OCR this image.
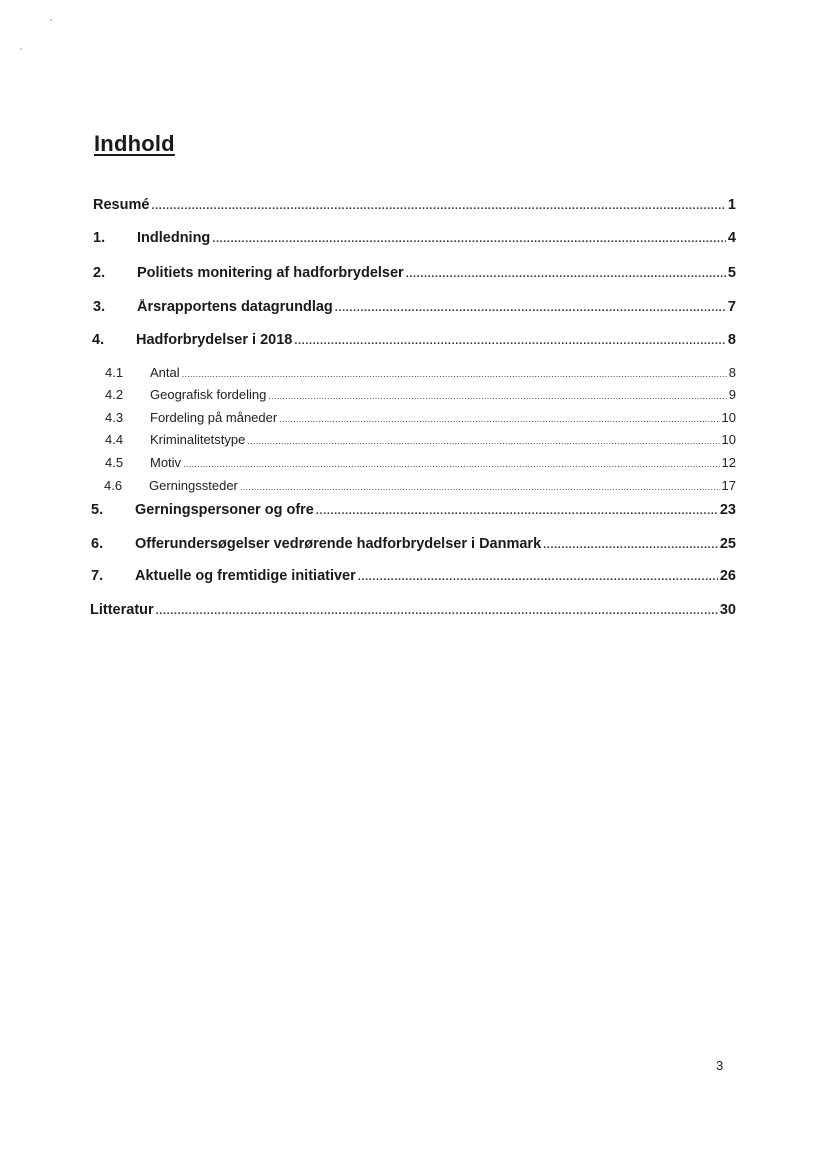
Indhold
Resumé .....	1
1.	Indledning .....	4
2.	Politiets monitering af hadforbrydelser .....	5
3.	Årsrapportens datagrundlag .....	7
4.	Hadforbrydelser i 2018 .....	8
4.1	Antal .....	8
4.2	Geografisk fordeling .....	9
4.3	Fordeling på måneder .....	10
4.4	Kriminalitetstype .....	10
4.5	Motiv .....	12
4.6	Gerningssteder .....	17
5.	Gerningspersoner og ofre .....	23
6.	Offerundersøgelser vedrørende hadforbrydelser i Danmark .....	25
7.	Aktuelle og fremtidige initiativer .....	26
Litteratur .....	30
3
